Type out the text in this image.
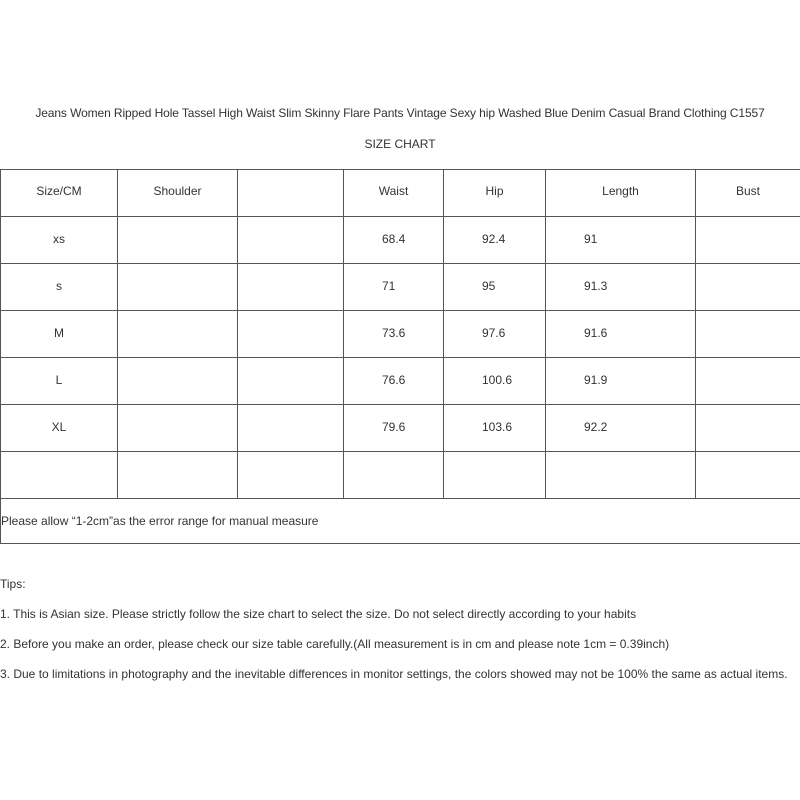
Jeans Women Ripped Hole Tassel High Waist Slim Skinny Flare Pants Vintage Sexy hip Washed Blue Denim Casual Brand Clothing C1557
SIZE CHART
Size/CM	Shoulder		Waist	Hip	Length	Bust
xs			68.4	92.4	91	
s			71	95	91.3	
M			73.6	97.6	91.6	
L			76.6	100.6	91.9	
XL			79.6	103.6	92.2	

Please allow “1-2cm”as the error range for manual measure						
Tips:
1. This is Asian size. Please strictly follow the size chart to select the size. Do not select directly according to your habits
2. Before you make an order, please check our size table carefully.(All measurement is in cm and please note 1cm = 0.39inch)
3. Due to limitations in photography and the inevitable differences in monitor settings, the colors showed may not be 100% the same as actual items.
